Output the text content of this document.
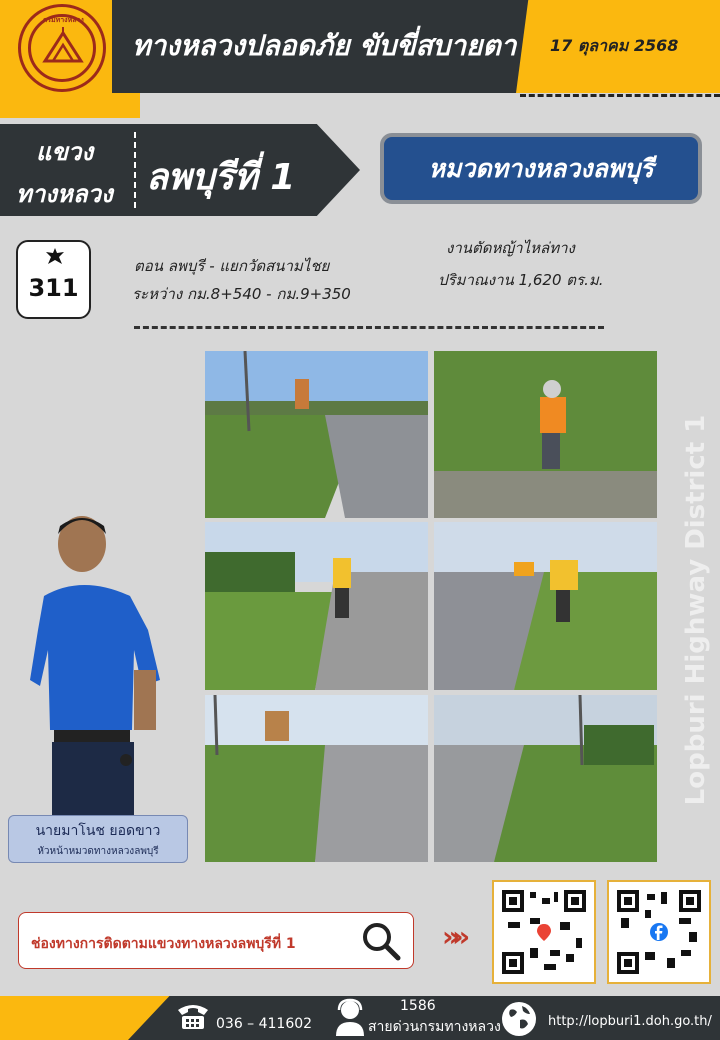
กรมทางหลวง
ทางหลวงปลอดภัย ขับขี่สบายตา 17 ตุลาคม 2568
แขวง
ทางหลวง ลพบุรีที่ 1	หมวดทางหลวงลพบุรี
311
ตอน ลพบุรี - แยกวัดสนามไชย
ระหว่าง กม.8+540 - กม.9+350
งานตัดหญ้าไหล่ทาง
ปริมาณงาน 1,620 ตร.ม.
นายมาโนช ยอดขาว
หัวหน้าหมวดทางหลวงลพบุรี
Lopburi Highway District 1
ช่องทางการติดตามแขวงทางหลวงลพบุรีที่ 1	»»
036 – 411602
1586
สายด่วนกรมทางหลวง	http://lopburi1.doh.go.th/
